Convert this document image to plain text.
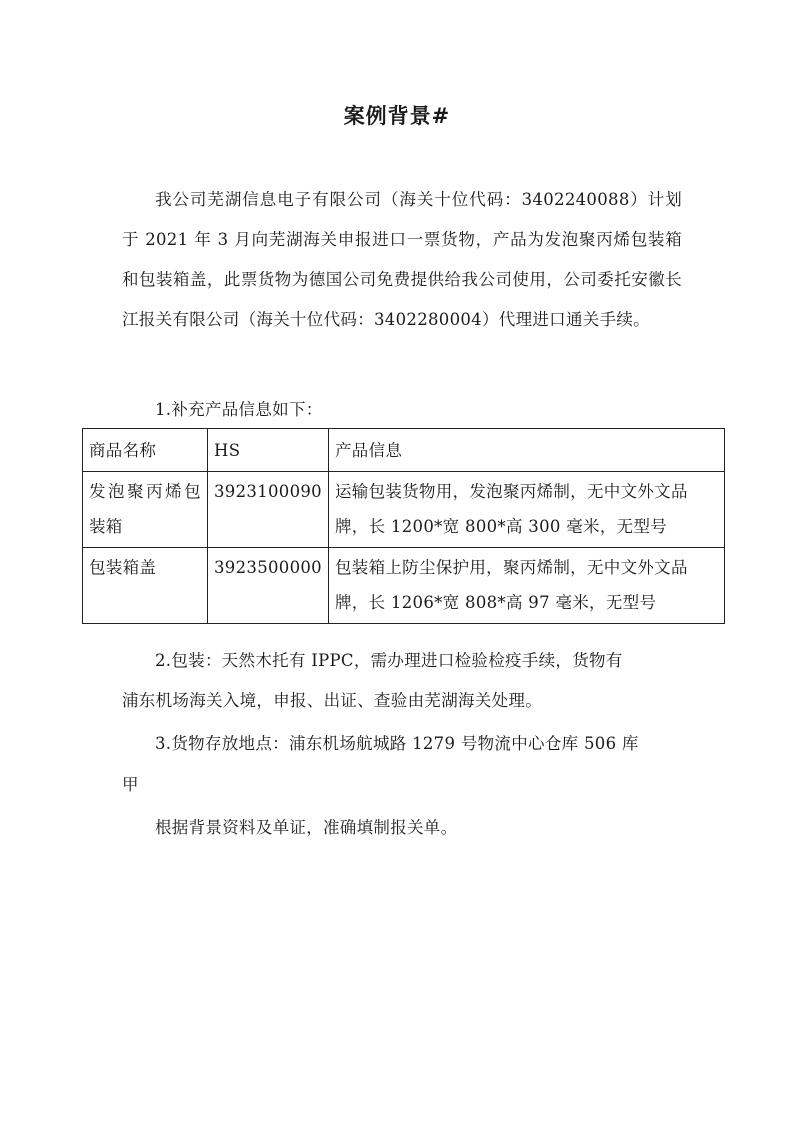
案例背景#
我公司芜湖信息电子有限公司（海关十位代码：3402240088）计划于 2021 年 3 月向芜湖海关申报进口一票货物，产品为发泡聚丙烯包装箱和包装箱盖，此票货物为德国公司免费提供给我公司使用，公司委托安徽长江报关有限公司（海关十位代码：3402280004）代理进口通关手续。
1.补充产品信息如下：
商品名称	HS	产品信息
发泡聚丙烯包装箱	3923100090	运输包装货物用，发泡聚丙烯制，无中文外文品牌，长 1200*宽 800*高 300 毫米，无型号
包装箱盖	3923500000	包装箱上防尘保护用，聚丙烯制，无中文外文品牌，长 1206*宽 808*高 97 毫米，无型号
2.包装：天然木托有 IPPC，需办理进口检验检疫手续，货物有
浦东机场海关入境，申报、出证、查验由芜湖海关处理。
3.货物存放地点：浦东机场航城路 1279 号物流中心仓库 506 库
甲
根据背景资料及单证，准确填制报关单。
